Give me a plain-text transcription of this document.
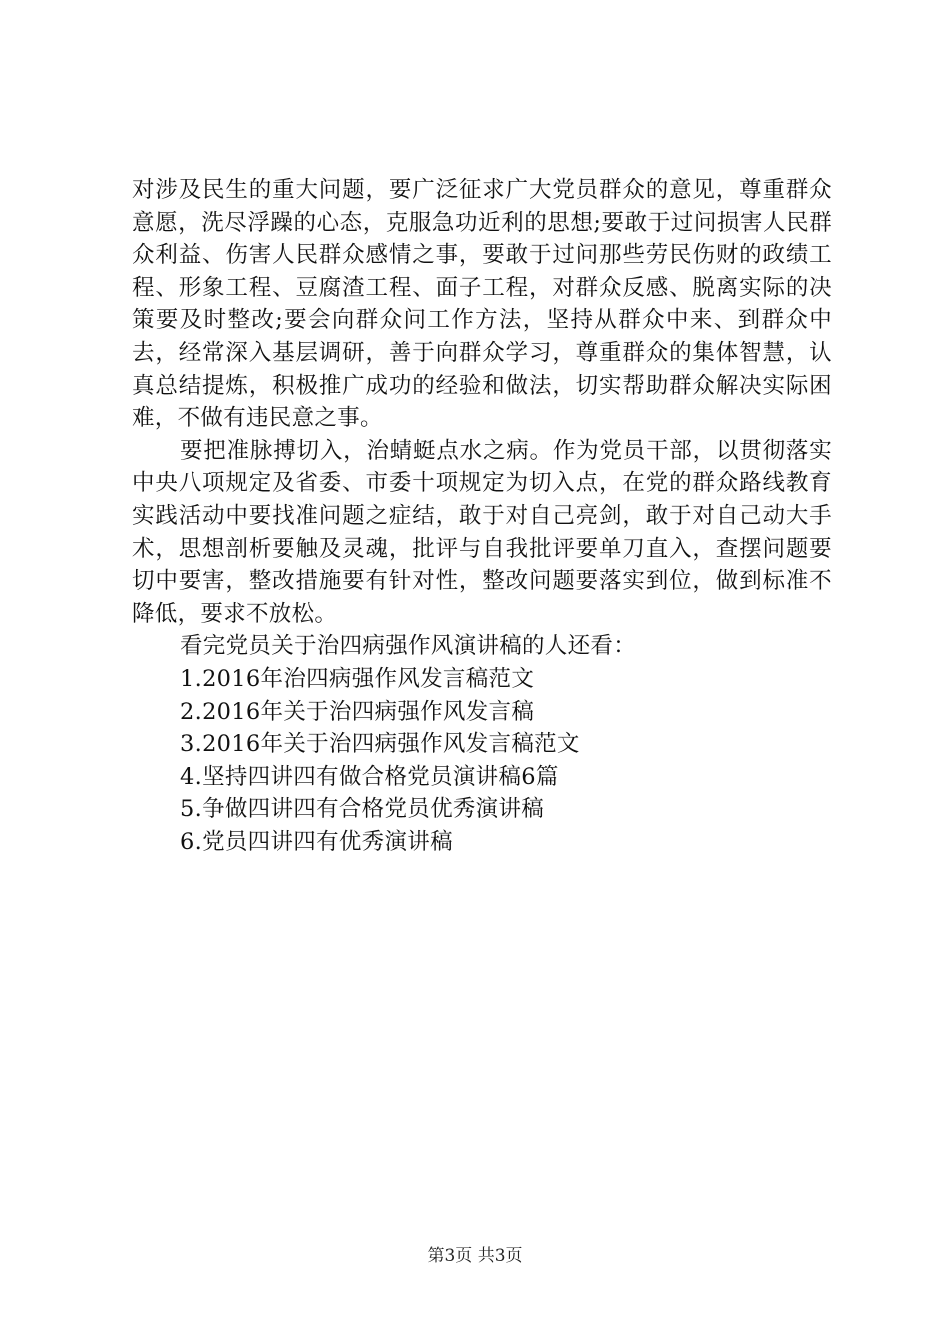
对涉及民生的重大问题，要广泛征求广大党员群众的意见，尊重群众意愿，洗尽浮躁的心态，克服急功近利的思想;要敢于过问损害人民群众利益、伤害人民群众感情之事，要敢于过问那些劳民伤财的政绩工程、形象工程、豆腐渣工程、面子工程，对群众反感、脱离实际的决策要及时整改;要会向群众问工作方法，坚持从群众中来、到群众中去，经常深入基层调研，善于向群众学习，尊重群众的集体智慧，认真总结提炼，积极推广成功的经验和做法，切实帮助群众解决实际困难，不做有违民意之事。

要把准脉搏切入，治蜻蜓点水之病。作为党员干部，以贯彻落实中央八项规定及省委、市委十项规定为切入点，在党的群众路线教育实践活动中要找准问题之症结，敢于对自己亮剑，敢于对自己动大手术，思想剖析要触及灵魂，批评与自我批评要单刀直入，查摆问题要切中要害，整改措施要有针对性，整改问题要落实到位，做到标准不降低，要求不放松。

看完党员关于治四病强作风演讲稿的人还看：

1.2016年治四病强作风发言稿范文
2.2016年关于治四病强作风发言稿
3.2016年关于治四病强作风发言稿范文
4.坚持四讲四有做合格党员演讲稿6篇
5.争做四讲四有合格党员优秀演讲稿
6.党员四讲四有优秀演讲稿
第3页 共3页
